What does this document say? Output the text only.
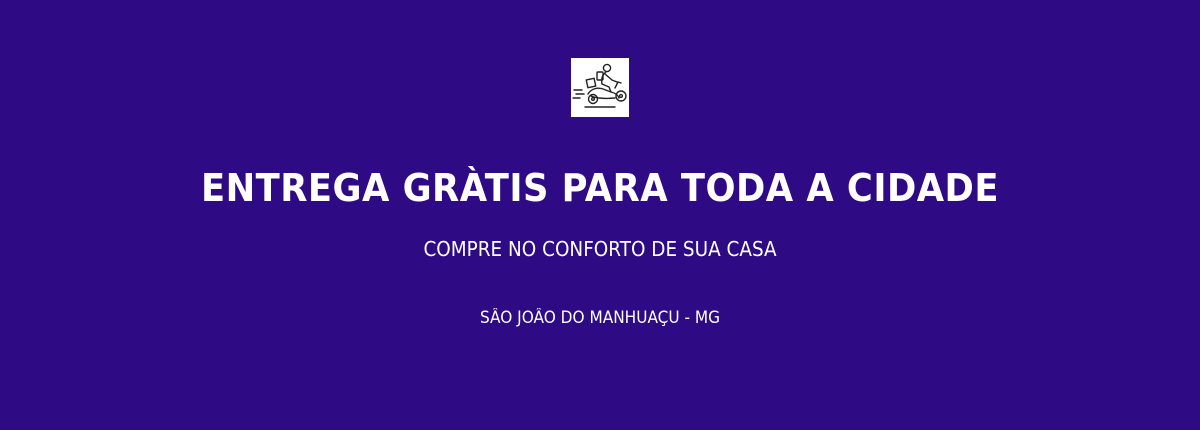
ENTREGA GRÀTIS PARA TODA A CIDADE

COMPRE NO CONFORTO DE SUA CASA

SÂO JOÂO DO MANHUAÇU - MG
